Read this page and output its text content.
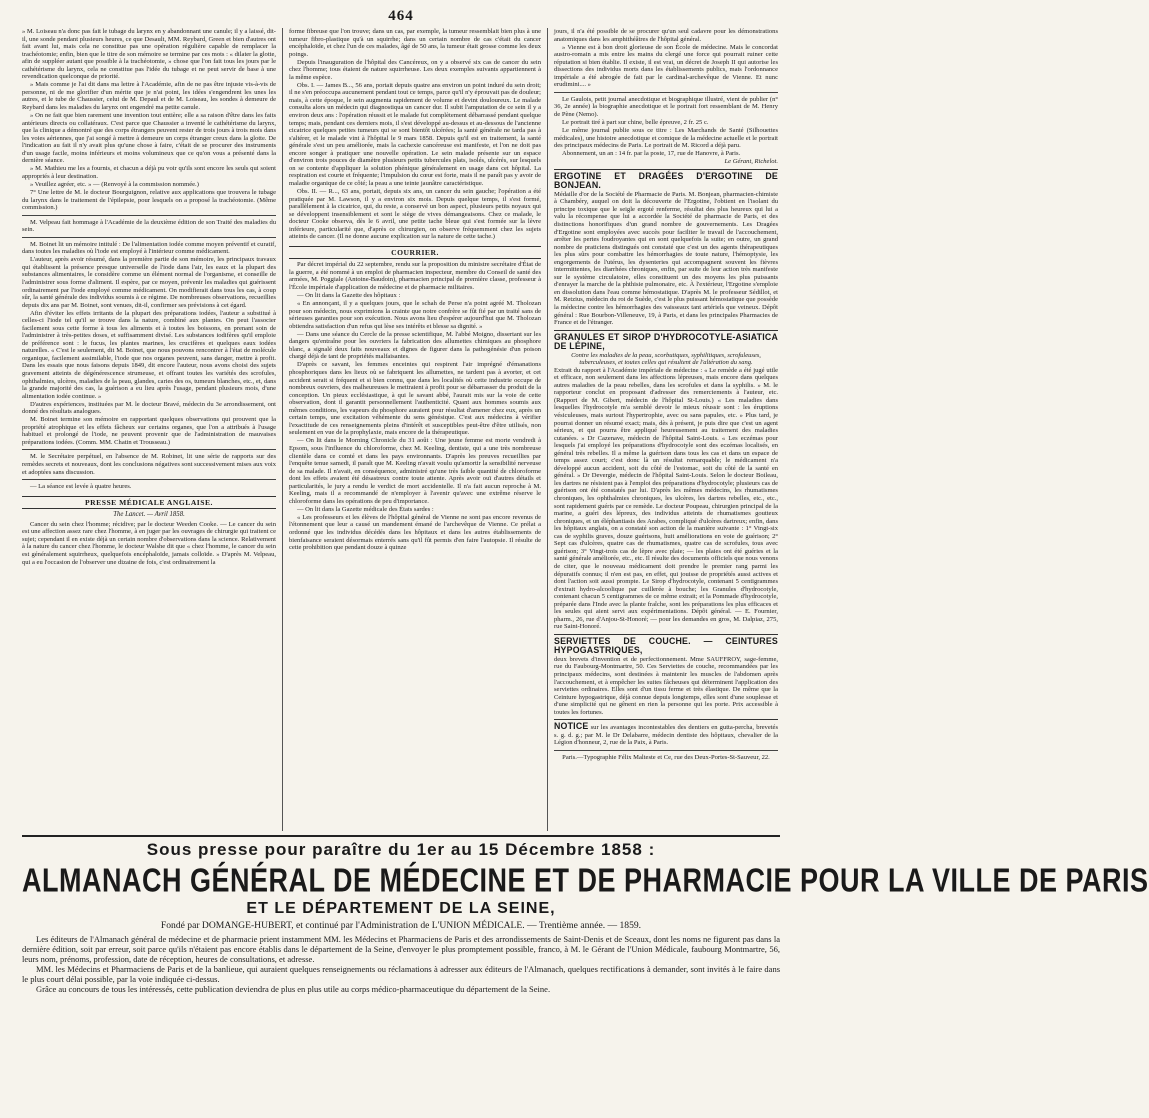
464

» M. Loiseau n'a donc pas fait le tubage du larynx en y abandonnant une canule; il y a laissé, dit-il, une sonde pendant plusieurs heures, ce que Desault, MM. Reybard, Green et bien d'autres ont fait avant lui, mais cela ne constitue pas une opération régulière capable de remplacer la trachéotomie; enfin, bien que le titre de son mémoire se termine par ces mots : « dilater la glotte, afin de suppléer autant que possible à la trachéotomie, » chose que l'on fait tous les jours par le cathétérisme du larynx, cela ne constitue pas l'idée du tubage et ne peut servir de base à une revendication quelconque de priorité.

» Mais comme je l'ai dit dans ma lettre à l'Académie, afin de ne pas être injuste vis-à-vis de personne, ni de me glorifier d'un mérite que je n'ai point, les idées s'engendrent les unes les autres, et le tube de Chaussier, celui de M. Depaul et de M. Loiseau, les sondes à demeure de Reybard dans les maladies du larynx ont engendré ma petite canule.

» On ne fait que bien rarement une invention tout entière; elle a sa raison d'être dans les faits antérieurs directs ou collatéraux. C'est parce que Chaussier a inventé le cathétérisme du larynx, que la clinique a démontré que des corps étrangers peuvent rester de trois jours à trois mois dans les voies aériennes, que j'ai songé à mettre à demeure un corps étranger creux dans la glotte. De l'indication au fait il n'y avait plus qu'une chose à faire, c'était de se procurer des instruments d'un usage facile, moins inférieurs et moins volumineux que ce qu'on vous a présenté dans la dernière séance.

» M. Mathieu me les a fournis, et chacun a déjà pu voir qu'ils sont encore les seuls qui soient appropriés à leur destination.

» Veuillez agréer, etc. » — (Renvoyé à la commission nommée.)

7° Une lettre de M. le docteur Bourguignon, relative aux applications que trouvera le tubage du larynx dans le traitement de l'épilepsie, pour lesquels on a proposé la trachéotomie. (Même commission.)

M. Velpeau fait hommage à l'Académie de la deuxième édition de son Traité des maladies du sein.

M. Boinet lit un mémoire intitulé : De l'alimentation iodée comme moyen préventif et curatif, dans toutes les maladies où l'iode est employé à l'intérieur comme médicament.

L'auteur, après avoir résumé, dans la première partie de son mémoire, les principaux travaux qui établissent la présence presque universelle de l'iode dans l'air, les eaux et la plupart des substances alimentaires, le considère comme un élément normal de l'organisme, et conseille de l'administrer sous forme d'aliment. Il espère, par ce moyen, prévenir les maladies qui guérissent ordinairement par l'iode employé comme médicament. On modifierait dans tous les cas, à coup sûr, la santé générale des individus soumis à ce régime. De nombreuses observations, recueillies depuis dix ans par M. Boinet, sont venues, dit-il, confirmer ses prévisions à cet égard.

Afin d'éviter les effets irritants de la plupart des préparations iodées, l'auteur a substitué à celles-ci l'iode tel qu'il se trouve dans la nature, combiné aux plantes. On peut l'associer facilement sous cette forme à tous les aliments et à toutes les boissons, en prenant soin de l'administrer à très-petites doses, et suffisamment divisé. Les substances iodifères qu'il emploie de préférence sont : le fucus, les plantes marines, les crucifères et quelques eaux iodées naturelles. « C'est le seulement, dit M. Boinet, que nous pouvons rencontrer à l'état de molécule organique, facilement assimilable, l'iode que nos organes peuvent, sans danger, mettre à profit. Dans les essais que nous faisons depuis 1849, dit encore l'auteur, nous avons choisi des sujets gravement atteints de dégénérescence strumeuse, et offrant toutes les variétés des scrofules, ophthalmies, ulcères, maladies de la peau, glandes, caries des os, tumeurs blanches, etc., et, dans la grande majorité des cas, la guérison a eu lieu après l'usage, pendant plusieurs mois, d'une alimentation iodée continue. »

D'autres expériences, instituées par M. le docteur Bravé, médecin du 3e arrondissement, ont donné des résultats analogues.

M. Boinet termine son mémoire en rapportant quelques observations qui prouvent que la propriété atrophique et les effets fâcheux sur certains organes, que l'on a attribués à l'usage habituel et prolongé de l'iode, ne peuvent provenir que de l'administration de mauvaises préparations iodées. (Comm. MM. Chatin et Trousseau.)

M. le Secrétaire perpétuel, en l'absence de M. Robinet, lit une série de rapports sur des remèdes secrets et nouveaux, dont les conclusions négatives sont successivement mises aux voix et adoptées sans discussion.

— La séance est levée à quatre heures.

PRESSE MÉDICALE ANGLAISE.
The Lancet. — Avril 1858.

Cancer du sein chez l'homme; récidive; par le docteur Weeden Cooke. — Le cancer du sein est une affection assez rare chez l'homme, à en juger par les ouvrages de chirurgie qui traitent ce sujet; cependant il en existe déjà un certain nombre d'observations dans la science. Relativement à la nature du cancer chez l'homme, le docteur Walshe dit que « chez l'homme, le cancer du sein est généralement squirrheux, quelquefois encéphaloïde, jamais colloïde. » D'après M. Velpeau, qui a eu l'occasion de l'observer une dizaine de fois, c'est ordinairement la

forme fibreuse que l'on trouve; dans un cas, par exemple, la tumeur ressemblait bien plus à une tumeur fibro-plastique qu'à un squirrhe; dans un certain nombre de cas c'était du cancer encéphaloïde, et chez l'un de ces malades, âgé de 50 ans, la tumeur était grosse comme les deux poings.

Depuis l'inauguration de l'hôpital des Cancéreux, on y a observé six cas de cancer du sein chez l'homme; tous étaient de nature squirrheuse. Les deux exemples suivants appartiennent à la même espèce.

Obs. I. — James B..., 56 ans, portait depuis quatre ans environ un point induré du sein droit; il ne s'en préoccupa aucunement pendant tout ce temps, parce qu'il n'y éprouvait pas de douleur; mais, à cette époque, le sein augmenta rapidement de volume et devint douloureux. Le malade consulta alors un médecin qui diagnostiqua un cancer dur. Il subit l'amputation de ce sein il y a environ deux ans : l'opération réussit et le malade fut complètement débarrassé pendant quelque temps; mais, pendant ces derniers mois, il s'est développé au-dessus et au-dessous de l'ancienne cicatrice quelques petites tumeurs qui se sont bientôt ulcérées; la santé générale ne tarda pas à s'altérer, et le malade vint à l'hôpital le 9 mars 1858. Depuis qu'il est en traitement, la santé générale s'est un peu améliorée, mais la cachexie cancéreuse est manifeste, et l'on ne doit pas encore songer à pratiquer une nouvelle opération. Le sein malade présente sur un espace d'environ trois pouces de diamètre plusieurs petits tubercules plats, isolés, ulcérés, sur lesquels on se contente d'appliquer la solution phénique généralement en usage dans cet hôpital. La respiration est courte et fréquente; l'impulsion du cœur est forte, mais il ne paraît pas y avoir de maladie organique de ce côté; la peau a une teinte jaunâtre caractéristique.

Obs. II. — R..., 63 ans, portait, depuis six ans, un cancer du sein gauche; l'opération a été pratiquée par M. Lawson, il y a environ six mois. Depuis quelque temps, il s'est formé, parallèlement à la cicatrice, qui, du reste, a conservé un bon aspect, plusieurs petits noyaux qui se développent insensiblement et sont le siège de vives démangeaisons. Chez ce malade, le docteur Cooke observa, dès le 6 avril, une petite tache bleue qui s'est formée sur la lèvre inférieure, particularité que, d'après ce chirurgien, on observe fréquemment chez les sujets atteints de cancer. (Il ne donne aucune explication sur la nature de cette tache.)

COURRIER.

Par décret impérial du 22 septembre, rendu sur la proposition du ministre secrétaire d'État de la guerre, a été nommé à un emploi de pharmacien inspecteur, membre du Conseil de santé des armées, M. Poggiale (Antoine-Baudoin), pharmacien principal de première classe, professeur à l'École impériale d'application de médecine et de pharmacie militaires.

— On lit dans la Gazette des hôpitaux :

« En annonçant, il y a quelques jours, que le schah de Perse n'a point agréé M. Tholozan pour son médecin, nous exprimions la crainte que notre confrère se fût fié par un traité sans de sérieuses garanties pour son exécution. Nous avons lieu d'espérer aujourd'hui que M. Tholozan obtiendra satisfaction d'un refus qui lèse ses intérêts et blesse sa dignité. »

— Dans une séance du Cercle de la presse scientifique, M. l'abbé Moigno, dissertant sur les dangers qu'entraîne pour les ouvriers la fabrication des allumettes chimiques au phosphore blanc, a signalé deux faits nouveaux et dignes de figurer dans la pathogénésie d'un poison chargé déjà de tant de propriétés malfaisantes.

D'après ce savant, les femmes enceintes qui respirent l'air imprégné d'émanations phosphoriques dans les lieux où se fabriquent les allumettes, ne tardent pas à avorter, et cet accident serait si fréquent et si bien connu, que dans les localités où cette industrie occupe de nombreux ouvriers, des malheureuses le mettraient à profit pour se débarrasser du produit de la conception. Un pieux ecclésiastique, à qui le savant abbé, l'aurait mis sur la voie de cette observation, dont il garantit personnellement l'authenticité. Quant aux hommes soumis aux mêmes conditions, les vapeurs du phosphore auraient pour résultat d'amener chez eux, après un certain temps, une excitation véhémente du sens génésique. C'est aux médecins à vérifier l'exactitude de ces renseignements pleins d'intérêt et susceptibles peut-être d'être utilisés, non seulement en vue de la prophylaxie, mais encore de la thérapeutique.

— On lit dans le Morning Chronicle du 31 août : Une jeune femme est morte vendredi à Epsom, sous l'influence du chloroforme, chez M. Keeling, dentiste, qui a une très nombreuse clientèle dans ce comté et dans les pays environnants. D'après les preuves recueillies par l'enquête tenue samedi, il paraît que M. Keeling n'avait voulu qu'amortir la sensibilité nerveuse de sa malade. Il n'avait, en conséquence, administré qu'une très faible quantité de chloroforme dont les effets avaient été désastreux contre toute attente. Après avoir ouï d'autres détails et particularités, le jury a rendu le verdict de mort accidentelle. Il n'a fait aucun reproche à M. Keeling, mais il a recommandé de n'employer à l'avenir qu'avec une extrême réserve le chloroforme dans les opérations de peu d'importance.

— On lit dans la Gazette médicale des États sardes :

« Les professeurs et les élèves de l'hôpital général de Vienne ne sont pas encore revenus de l'étonnement que leur a causé un mandement émané de l'archevêque de Vienne. Ce prélat a ordonné que les individus décédés dans les hôpitaux et dans les autres établissements de bienfaisance seraient désormais enterrés sans qu'il fût permis d'en faire l'autopsie. Il résulte de cette prohibition que pendant douze à quinze

jours, il n'a été possible de se procurer qu'un seul cadavre pour les démonstrations anatomiques dans les amphithéâtres de l'hôpital général.

» Vienne est à bon droit glorieuse de son École de médecine. Mais le concordat austro-romain a mis entre les mains du clergé une force qui pourrait ruiner cette réputation si bien établie. Il existe, il est vrai, un décret de Joseph II qui autorise les dissections des individus morts dans les établissements publics, mais l'ordonnance impériale a été abrogée de fait par le cardinal-archevêque de Vienne. Et nunc erudimini.... »

Le Gaulois, petit journal anecdotique et biographique illustré, vient de publier (n° 36, 2e année) la biographie anecdotique et le portrait fort ressemblant de M. Henry de Pène (Nemo).

Le portrait tiré à part sur chine, belle épreuve, 2 fr. 25 c.

Le même journal publie sous ce titre : Les Marchands de Santé (Silhouettes médicales), une histoire anecdotique et comique de la médecine actuelle et le portrait des principaux médecins de Paris. Le portrait de M. Ricord a déjà paru.

Abonnement, un an : 14 fr. par la poste, 17, rue de Hanovre, à Paris.

Le Gérant, Richelot.

ERGOTINE ET DRAGÉES D'ERGOTINE DE BONJEAN.

Médaille d'or de la Société de Pharmacie de Paris. M. Bonjean, pharmacien-chimiste à Chambéry, auquel on doit la découverte de l'Ergotine, l'obtient en l'isolant du principe toxique que le seigle ergoté renferme, résultat des plus heureux qui lui a valu la récompense que lui a accordée la Société de pharmacie de Paris, et des distinctions honorifiques d'un grand nombre de gouvernements. Les Dragées d'Ergotine sont employées avec succès pour faciliter le travail de l'accouchement, arrêter les pertes foudroyantes qui en sont quelquefois la suite; en outre, un grand nombre de praticiens distingués ont constaté que c'est un des agents thérapeutiques les plus sûrs pour combattre les hémorrhagies de toute nature, l'hémoptysie, les engorgements de l'utérus, les dysenteries qui accompagnent souvent les fièvres intermittentes, les diarrhées chroniques, enfin, par suite de leur action très manifeste sur le système circulatoire, elles constituent un des moyens les plus puissants d'enrayer la marche de la phthisie pulmonaire, etc. À l'extérieur, l'Ergotine s'emploie en dissolution dans l'eau comme hémostatique. D'après M. le professeur Sédillot, et M. Retzius, médecin du roi de Suède, c'est le plus puissant hémostatique que possède la médecine contre les hémorrhagies des vaisseaux tant artériels que veineux. Dépôt général : Rue Bourbon-Villeneuve, 19, à Paris, et dans les principales Pharmacies de France et de l'étranger.

GRANULES ET SIROP D'HYDROCOTYLE-ASIATICA DE LÉPINE,
Contre les maladies de la peau, scorbutiques, syphilitiques, scrofuleuses, tuberculeuses, et toutes celles qui résultent de l'altération du sang.

Extrait du rapport à l'Académie impériale de médecine : « Le remède a été jugé utile et efficace, non seulement dans les affections lépreuses, mais encore dans quelques autres maladies de la peau rebelles, dans les scrofules et dans la syphilis. » M. le rapporteur conclut en proposant d'adresser des remerciements à l'auteur, etc. (Rapport de M. Gibert, médecin de l'hôpital St-Louis.) « Les maladies dans lesquelles l'hydrocotyle m'a semblé devoir le mieux réussir sont : les éruptions vésiculeuses, mais surtout l'hypertrophie, avec ou sans papules, etc. » Plus tard, je pourrai donner un résumé exact; mais, dès à présent, je puis dire que c'est un agent sérieux, et qui pourra être appliqué heureusement au traitement des maladies cutanées. » Dr Cazenave, médecin de l'hôpital Saint-Louis. « Les eczémas pour lesquels j'ai employé les préparations d'hydrocotyle sont des eczémas localisés, en général très rebelles. Il a même la guérison dans tous les cas et dans un espace de temps assez court; c'est donc là un résultat remarquable; le médicament n'a développé aucun accident, soit du côté de l'estomac, soit du côté de la santé en général. » Dr Devergie, médecin de l'hôpital Saint-Louis. Selon le docteur Boileau, les dartres ne résistent pas à l'emploi des préparations d'hydrocotyle; plusieurs cas de guérison ont été constatés par lui. D'après les mêmes médecins, les rhumatismes chroniques, les ophthalmies chroniques, les ulcères, les dartres rebelles, etc., etc., sont rapidement guéris par ce remède. Le docteur Poupeau, chirurgien principal de la marine, a guéri des lépreux, des individus atteints de rhumatismes goutteux chroniques, et un éléphantiasis des Arabes, compliqué d'ulcères dartreux; enfin, dans les hôpitaux anglais, on a constaté son action de la manière suivante : 1° Vingt-six cas de syphilis graves, douze guérisons, huit améliorations en voie de guérison; 2° Sept cas d'ulcères, quatre cas de rhumatismes, quatre cas de scrofules, tous avec guérison; 3° Vingt-trois cas de lèpre avec plaie; — les plaies ont été guéries et la santé générale améliorée, etc., etc. Il résulte des documents officiels que nous venons de citer, que le nouveau médicament doit prendre le premier rang parmi les dépuratifs connus; il n'en est pas, en effet, qui jouisse de propriétés aussi actives et dont l'action soit aussi prompte. Le Sirop d'hydrocotyle, contenant 5 centigrammes d'extrait hydro-alcoolique par cuillerée à bouche; les Granules d'hydrocotyle, contenant chacun 5 centigrammes de ce même extrait; et la Pommade d'hydrocotyle, préparée dans l'Inde avec la plante fraîche, sont les préparations les plus efficaces et les seules qui aient servi aux expérimentations. Dépôt général. — E. Fournier, pharm., 26, rue d'Anjou-St-Honoré; — pour les demandes en gros, M. Dalpiaz, 275, rue Saint-Honoré.

SERVIETTES DE COUCHE. — CEINTURES HYPOGASTRIQUES,

deux brevets d'invention et de perfectionnement. Mme SAUFFROY, sage-femme, rue du Faubourg-Montmartre, 50. Ces Serviettes de couche, recommandées par les principaux médecins, sont destinées à maintenir les muscles de l'abdomen après l'accouchement, et à empêcher les suites fâcheuses qui déterminent l'application des serviettes ordinaires. Elles sont d'un tissu ferme et très élastique. De même que la Ceinture hypogastrique, déjà connue depuis longtemps, elles sont d'une souplesse et d'une simplicité qui ne gênent en rien la personne qui les porte. Prix accessible à toutes les fortunes.

NOTICE sur les avantages incontestables des dentiers en gutta-percha, brevetés s. g. d. g.; par M. le Dr Delabarre, médecin dentiste des hôpitaux, chevalier de la Légion d'honneur, 2, rue de la Paix, à Paris.

Paris.—Typographie Félix Malteste et Ce, rue des Deux-Portes-St-Sauveur, 22.

Sous presse pour paraître du 1er au 15 Décembre 1858 :
ALMANACH GÉNÉRAL DE MÉDECINE ET DE PHARMACIE POUR LA VILLE DE PARIS
ET LE DÉPARTEMENT DE LA SEINE,
Fondé par DOMANGE-HUBERT, et continué par l'Administration de L'UNION MÉDICALE. — Trentième année. — 1859.

Les éditeurs de l'Almanach général de médecine et de pharmacie prient instamment MM. les Médecins et Pharmaciens de Paris et des arrondissements de Saint-Denis et de Sceaux, dont les noms ne figurent pas dans la dernière édition, soit par erreur, soit parce qu'ils n'étaient pas encore établis dans le département de la Seine, d'envoyer le plus promptement possible, franco, à M. le Gérant de l'Union Médicale, faubourg Montmartre, 56, leurs nom, prénoms, profession, date de réception, heures de consultations, et adresse.

MM. les Médecins et Pharmaciens de Paris et de la banlieue, qui auraient quelques renseignements ou réclamations à adresser aux éditeurs de l'Almanach, quelques rectifications à demander, sont invités à le faire dans le plus court délai possible, par la voie indiquée ci-dessus.

Grâce au concours de tous les intéressés, cette publication deviendra de plus en plus utile au corps médico-pharmaceutique du département de la Seine.
